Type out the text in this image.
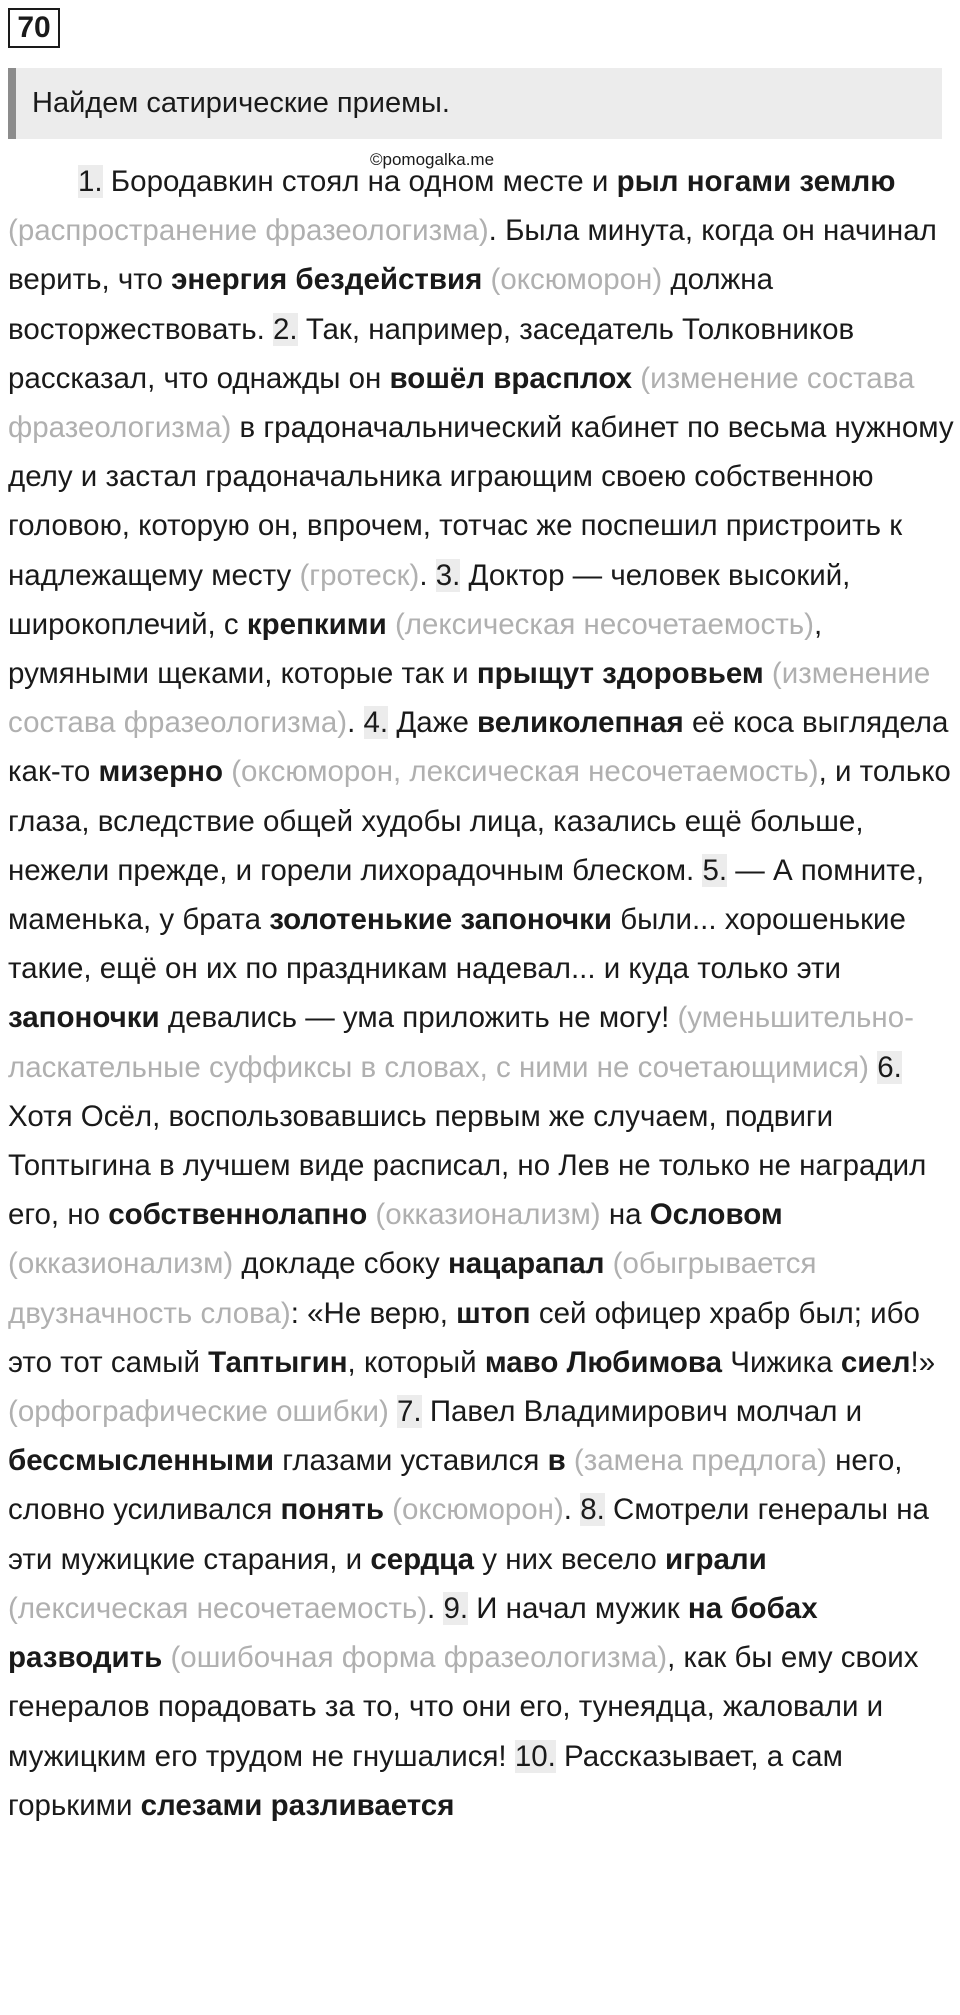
70
Найдем сатирические приемы.
©pomogalka.me

1. Бородавкин стоял на одном месте и рыл ногами землю (распространение фразеологизма). Была минута, когда он начинал верить, что энергия бездействия (оксюморон) должна восторжествовать. 2. Так, например, заседатель Толковников рассказал, что однажды он вошёл врасплох (изменение состава фразеологизма) в градоначальнический кабинет по весьма нужному делу и застал градоначальника играющим своею собственною головою, которую он, впрочем, тотчас же поспешил пристроить к надлежащему месту (гротеск). 3. Доктор — человек высокий, широкоплечий, с крепкими (лексическая несочетаемость), румяными щеками, которые так и прыщут здоровьем (изменение состава фразеологизма). 4. Даже великолепная её коса выглядела как-то мизерно (оксюморон, лексическая несочетаемость), и только глаза, вследствие общей худобы лица, казались ещё больше, нежели прежде, и горели лихорадочным блеском. 5. — А помните, маменька, у брата золотенькие запоночки были... хорошенькие такие, ещё он их по праздникам надевал... и куда только эти запоночки девались — ума приложить не могу! (уменьшительно-ласкательные суффиксы в словах, с ними не сочетающимися) 6. Хотя Осёл, воспользовавшись первым же случаем, подвиги Топтыгина в лучшем виде расписал, но Лев не только не наградил его, но собственнолапно (окказионализм) на Ословом (окказионализм) докладе сбоку нацарапал (обыгрывается двузначность слова): «Не верю, штоп сей офицер храбр был; ибо это тот самый Таптыгин, который маво Любимова Чижика сиел!» (орфографические ошибки) 7. Павел Владимирович молчал и бессмысленными глазами уставился в (замена предлога) него, словно усиливался понять (оксюморон). 8. Смотрели генералы на эти мужицкие старания, и сердца у них весело играли (лексическая несочетаемость). 9. И начал мужик на бобах разводить (ошибочная форма фразеологизма), как бы ему своих генералов порадовать за то, что они его, тунеядца, жаловали и мужицким его трудом не гнушалися! 10. Рассказывает, а сам горькими слезами разливается
